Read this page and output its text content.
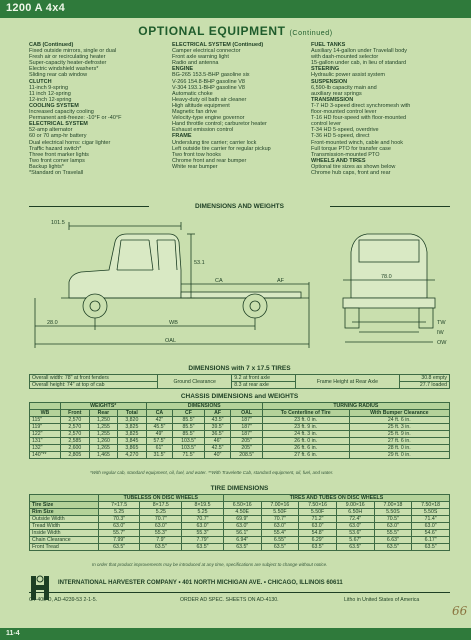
1200 A 4x4
OPTIONAL EQUIPMENT (Continued)
CAB (Continued)
Fixed outside mirrors, single or dual
Fresh air or recirculating heater
Super-capacity heater-defroster
Electric windshield washers*
Sliding rear cab window
CLUTCH
11-inch 9-spring
11 inch 12-spring
12-inch 12-spring
COOLING SYSTEM
Increased capacity cooling
Permanent anti-freeze: -10°F or -40°F
ELECTRICAL SYSTEM
52-amp alternator
60 or 70 amp-hr battery
Dual electrical horns: cigar lighter
Traffic hazard switch*
Three front marker lights
Two front corner lamps
Backup lights*
*Standard on Travelall
ELECTRICAL SYSTEM (Continued)
Camper electrical connector
Front axle warning light
Radio and antenna
ENGINE
BG-265 153.5-BHP gasoline six
V-266 154.8-BHP gasoline V8
V-304 193.1-BHP gasoline V8
Automatic choke
Heavy-duty oil bath air cleaner
High altitude equipment
Magnetic fan drive
Velocity-type engine governor
Hand throttle control; carburetor heater
Exhaust emission control
FRAME
Underslung tire carrier; carrier lock
Left outside tire carrier for regular pickup
Two front tow hooks
Chrome front and rear bumper
White rear bumper
FUEL TANKS
Auxiliary 14-gallon under Travelall body
with dash-mounted selector
15-gallon under cab, in lieu of standard
STEERING
Hydraulic power assist system
SUSPENSION
6,590-lb capacity main and
auxiliary rear springs
TRANSMISSION
T-7 HD 3-speed direct synchromesh with
floor-mounted control lever
T-16 HD four-speed with floor-mounted
control lever
T-34 HD 5-speed, overdrive
T-36 HD 5-speed, direct
Front-mounted winch, cable and hook
Full torque PTO for transfer case
Transmission-mounted PTO
WHEELS AND TIRES
Optional tire sizes as shown below
Chrome hub caps, front and rear
DIMENSIONS AND WEIGHTS
101.5
53.1
CA	AF
28.0	WB
OAL
78.0
TW
IW
OW
DIMENSIONS with 7 x 17.5 TIRES
Overall width: 78" at front fenders	Ground Clearance	9.2 at front axle	Frame Height at Rear Axle	30.8 empty
Overall height: 74" at top of cab		8.3 at rear axle		27.7 loaded
CHASSIS DIMENSIONS and WEIGHTS
	WEIGHTS*			DIMENSIONS				TURNING RADIUS	
WB	Front	Rear	Total	CA	CF	AF	OAL	To Centerline of Tire	With Bumper Clearance
115"	2,570	1,250	3,820	42"	85.5"	43.5"	187"	23 ft. 0 in.	24 ft. 6 in.
119"	2,570	1,255	3,825	45.5"	85.5"	39.5"	187"	23 ft. 9 in.	25 ft. 3 in.
122"	2,570	1,255	3,825	49"	85.5"	36.5"	187"	24 ft. 3 in.	25 ft. 9 in.
131"	2,585	1,260	3,845	57.5"	103.5"	46"	205"	26 ft. 0 in.	27 ft. 6 in.
132"	2,600	1,265	3,865	61"	103.5"	42.5"	205"	26 ft. 6 in.	28 ft. 0 in.
140"**	2,805	1,465	4,270	31.5"	71.5"	40"	208.5"	27 ft. 6 in.	29 ft. 0 in.
*With regular cab, standard equipment, oil, fuel, and water. **With Travelette Cab, standard equipment, oil, fuel, and water.
TIRE DIMENSIONS
	TUBELESS ON DISC WHEELS			TIRES AND TUBES ON DISC WHEELS					
Tire Size	7×17.5	8×17.5	8×19.5	6.50×16	7.00×16	7.50×16	9.00×16	7.00×18	7.50×18
Rim Size	5.25	5.25	5.25	4.50E	5.50F	5.50F	6.50H	5.50S	5.50S
Outside Width	70.3"	70.7"	70.7"	69.9"	70.7"	71.2"	72.4"	70.5"	71.4"
Tread Width	63.0"	63.0"	63.0"	63.0"	63.0"	63.0"	63.0"	63.0"	63.0"
Inside Width	55.7"	55.3"	55.3"	56.1"	55.4"	54.8"	53.6"	55.5"	54.6"
Chain Clearance	7.99"	7.9"	7.79"	6.94"	6.55"	6.29"	5.67"	6.63"	6.17"
Front Tread	63.5"	63.5"	63.5"	63.5"	63.5"	63.5"	63.5"	63.5"	63.5"
In order that product improvements may be introduced at any time, specifications are subject to change without notice.
INTERNATIONAL HARVESTER COMPANY • 401 NORTH MICHIGAN AVE. • CHICAGO, ILLINOIS 60611
CT-400-D, AD-4239-53 2-1-5.	ORDER AD SPEC. SHEETS ON AD-4130.	Litho in United States of America
66
11-4
